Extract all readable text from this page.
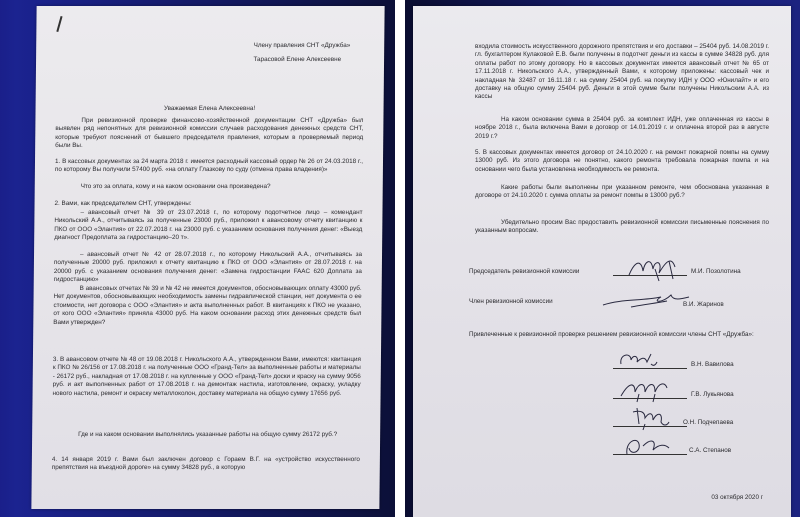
Члену правления СНТ «Дружба»
Тарасовой Елене Алексеевне
Уважаемая Елена Алексеевна!
При ревизионной проверке финансово-хозяйственной документации СНТ «Дружба» был выявлен ряд непонятных для ревизионной комиссии случаев расходования денежных средств СНТ, которые требуют пояснений от бывшего председателя правления, которым в проверяемый период были Вы.
1. В кассовых документах за 24 марта 2018 г. имеется расходный кассовый ордер № 26 от 24.03.2018 г., по которому Вы получили 57400 руб. «на оплату Глазкову по суду (отмена права владения)»
Что это за оплата, кому и на каком основании она произведена?
2. Вами, как председателем СНТ, утверждены:
– авансовый отчет № 39 от 23.07.2018 г., по которому подотчетное лицо – комендант Никольский А.А., отчитываясь за полученные 23000 руб., приложил к авансовому отчету квитанцию к ПКО от ООО «Элантия» от 22.07.2018 г. на 23000 руб. с указанием основания получения денег: «Выезд диагност Предоплата за гидростанцию–20 т».
– авансовый отчет № 42 от 28.07.2018 г., по которому Никольский А.А., отчитываясь за полученные 20000 руб. приложил к отчету квитанцию к ПКО от ООО «Элантия» от 28.07.2018 г. на 20000 руб. с указанием основания получения денег: «Замена гидростанции FAAC 620 Доплата за гидростанцию»
В авансовых отчетах № 39 и № 42 не имеется документов, обосновывающих оплату 43000 руб. Нет документов, обосновывающих необходимость замены гидравлической станции, нет документа о ее стоимости, нет договора с ООО «Элантия» и акта выполненных работ. В квитанциях к ПКО не указано, от кого ООО «Элантия» приняла 43000 руб. На каком основании расход этих денежных средств был Вами утвержден?
3. В авансовом отчете № 48 от 19.08.2018 г. Никольского А.А., утвержденном Вами, имеются: квитанция к ПКО № 26/156 от 17.08.2018 г. на полученные ООО «Гранд-Тел» за выполненные работы и материалы - 26172 руб., накладная от 17.08.2018 г. на купленные у ООО «Гранд-Тел» доски и краску на сумму 9056 руб. и акт выполненных работ от 17.08.2018 г. на демонтаж настила, изготовление, окраску, укладку нового настила, ремонт и окраску металлоколон, доставку материала на общую сумму 17656 руб.
Где и на каком основании выполнялись указанные работы на общую сумму 26172 руб.?
4. 14 января 2019 г. Вами был заключен договор с Гораем В.Г. на «устройство искусственного препятствия на въездной дороге» на сумму 34828 руб., в которую
входила стоимость искусственного дорожного препятствия и его доставки – 25404 руб. 14.08.2019 г. гл. бухгалтером Кулаковой Е.В. были получены в подотчет деньги из кассы в сумме 34828 руб. для оплаты работ по этому договору. Но в кассовых документах имеется авансовый отчет № 65 от 17.11.2018 г. Никольского А.А., утвержденный Вами, к которому приложены: кассовый чек и накладная № 32487 от 16.11.18 г. на сумму 25404 руб. на покупку ИДН у ООО «Юнилайт» и его доставку на общую сумму 25404 руб. Деньги в этой сумме были получены Никольским А.А. из кассы
На каком основании сумма в 25404 руб. за комплект ИДН, уже оплаченная из кассы в ноябре 2018 г., была включена Вами в договор от 14.01.2019 г. и оплачена второй раз в августе 2019 г.?
5. В кассовых документах имеется договор от 24.10.2020 г. на ремонт пожарной помпы на сумму 13000 руб. Из этого договора не понятно, какого ремонта требовала пожарная помпа и на основании чего была установлена необходимость ее ремонта.
Какие работы были выполнены при указанном ремонте, чем обоснована указанная в договоре от 24.10.2020 г. сумма оплаты за ремонт помпы в 13000 руб.?
Убедительно просим Вас предоставить ревизионной комиссии письменные пояснения по указанным вопросам.
Председатель ревизионной комиссии	М.И. Позолотина
Член ревизионной комиссии	В.И. Жаринов
Привлеченные к ревизионной проверке решением ревизионной комиссии члены СНТ «Дружба»:
В.Н. Вавилова
Г.В. Лукьянова
О.Н. Подчепаева
С.А. Степанов
03 октября 2020 г
